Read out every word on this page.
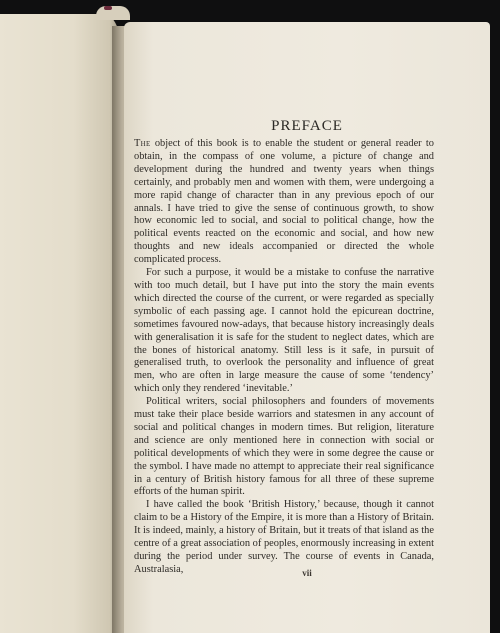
PREFACE

The object of this book is to enable the student or general reader to obtain, in the compass of one volume, a picture of change and development during the hundred and twenty years when things certainly, and probably men and women with them, were undergoing a more rapid change of character than in any previous epoch of our annals. I have tried to give the sense of continuous growth, to show how economic led to social, and social to political change, how the political events reacted on the economic and social, and how new thoughts and new ideals accompanied or directed the whole complicated process.

For such a purpose, it would be a mistake to confuse the narrative with too much detail, but I have put into the story the main events which directed the course of the current, or were regarded as specially symbolic of each passing age. I cannot hold the epicurean doctrine, sometimes favoured now-adays, that because history increasingly deals with generalisation it is safe for the student to neglect dates, which are the bones of historical anatomy. Still less is it safe, in pursuit of generalised truth, to overlook the personality and influence of great men, who are often in large measure the cause of some ‘tendency’ which only they rendered ‘inevitable.’

Political writers, social philosophers and founders of movements must take their place beside warriors and statesmen in any account of social and political changes in modern times. But religion, literature and science are only mentioned here in connection with social or political developments of which they were in some degree the cause or the symbol. I have made no attempt to appreciate their real significance in a century of British history famous for all three of these supreme efforts of the human spirit.

I have called the book ‘British History,’ because, though it cannot claim to be a History of the Empire, it is more than a History of Britain. It is indeed, mainly, a history of Britain, but it treats of that island as the centre of a great association of peoples, enormously increasing in extent during the period under survey. The course of events in Canada, Australasia,	vii
